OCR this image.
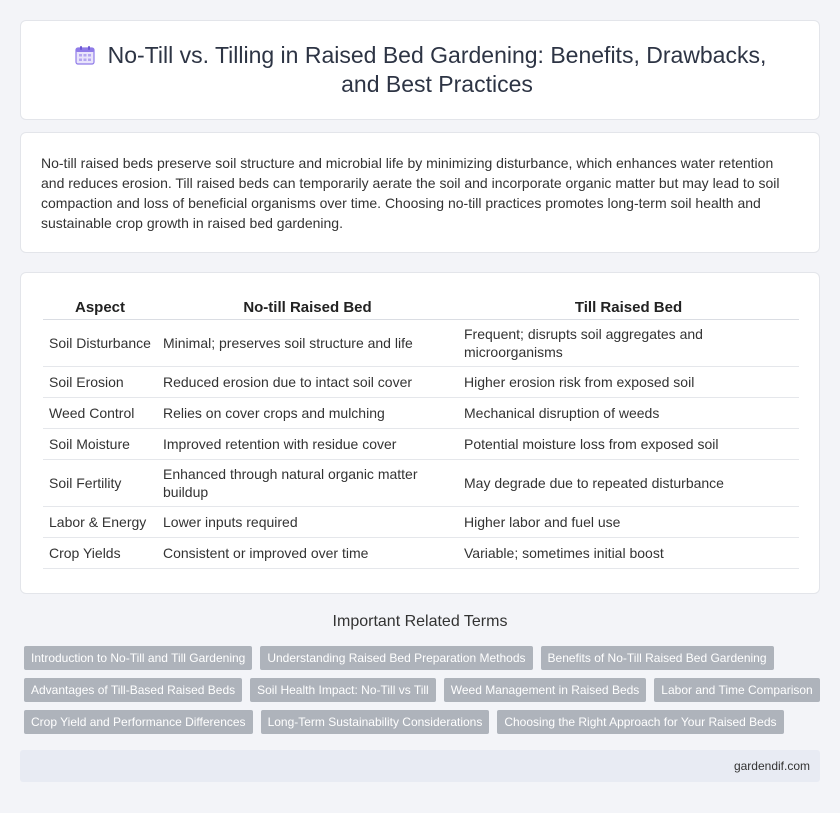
No-Till vs. Tilling in Raised Bed Gardening: Benefits, Drawbacks,
and Best Practices

No-till raised beds preserve soil structure and microbial life by minimizing disturbance, which enhances water retention and reduces erosion. Till raised beds can temporarily aerate the soil and incorporate organic matter but may lead to soil compaction and loss of beneficial organisms over time. Choosing no-till practices promotes long-term soil health and sustainable crop growth in raised bed gardening.

Aspect	No-till Raised Bed	Till Raised Bed
Soil Disturbance	Minimal; preserves soil structure and life	Frequent; disrupts soil aggregates and microorganisms
Soil Erosion	Reduced erosion due to intact soil cover	Higher erosion risk from exposed soil
Weed Control	Relies on cover crops and mulching	Mechanical disruption of weeds
Soil Moisture	Improved retention with residue cover	Potential moisture loss from exposed soil
Soil Fertility	Enhanced through natural organic matter buildup	May degrade due to repeated disturbance
Labor & Energy	Lower inputs required	Higher labor and fuel use
Crop Yields	Consistent or improved over time	Variable; sometimes initial boost
Important Related Terms
Introduction to No-Till and Till Gardening	Understanding Raised Bed Preparation Methods	Benefits of No-Till Raised Bed Gardening
Advantages of Till-Based Raised Beds	Soil Health Impact: No-Till vs Till	Weed Management in Raised Beds	Labor and Time Comparison
Crop Yield and Performance Differences	Long-Term Sustainability Considerations	Choosing the Right Approach for Your Raised Beds
gardendif.com
